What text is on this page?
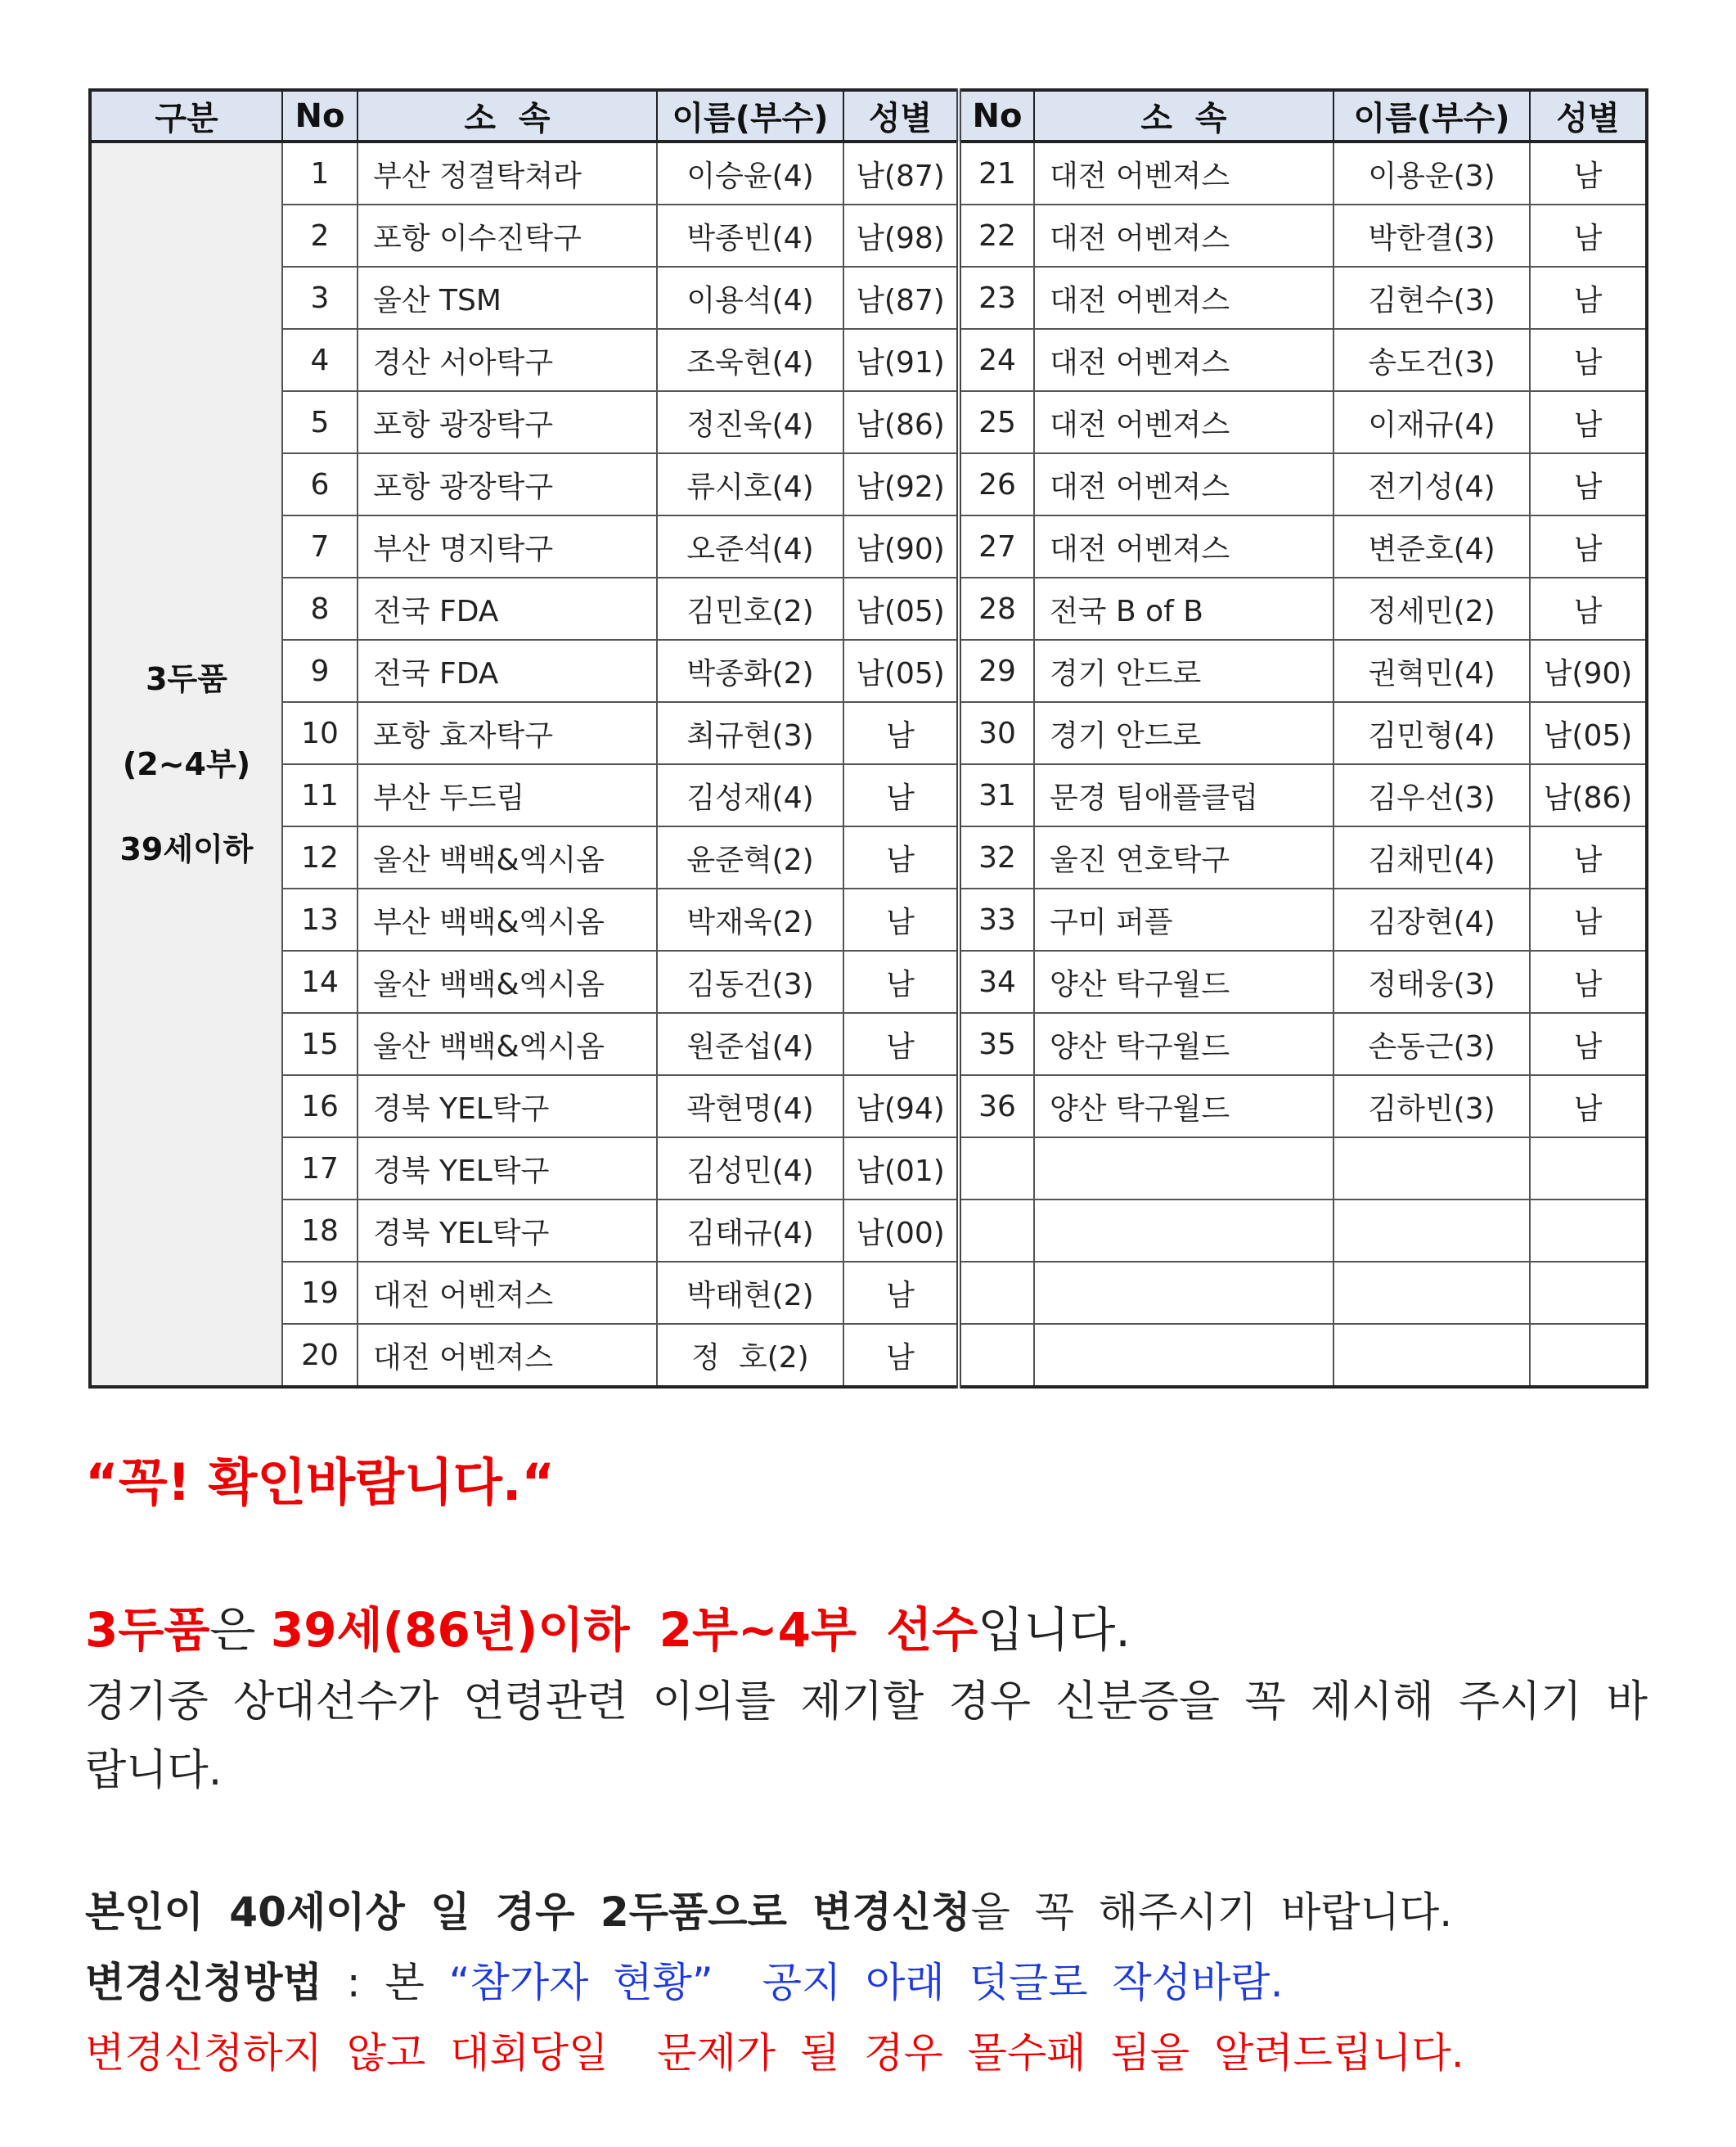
구분	No	소  속	이름(부수)	성별	No	소  속	이름(부수)	성별

3두품
(2~4부)
39세이하	1	부산 정결탁쳐라	이승윤(4)	남(87)	21	대전 어벤져스	이용운(3)	남
	2	포항 이수진탁구	박종빈(4)	남(98)	22	대전 어벤져스	박한결(3)	남
	3	울산 TSM	이용석(4)	남(87)	23	대전 어벤져스	김현수(3)	남
	4	경산 서아탁구	조욱현(4)	남(91)	24	대전 어벤져스	송도건(3)	남
	5	포항 광장탁구	정진욱(4)	남(86)	25	대전 어벤져스	이재규(4)	남
	6	포항 광장탁구	류시호(4)	남(92)	26	대전 어벤져스	전기성(4)	남
	7	부산 명지탁구	오준석(4)	남(90)	27	대전 어벤져스	변준호(4)	남
	8	전국 FDA	김민호(2)	남(05)	28	전국 B of B	정세민(2)	남
	9	전국 FDA	박종화(2)	남(05)	29	경기 안드로	권혁민(4)	남(90)
	10	포항 효자탁구	최규현(3)	남	30	경기 안드로	김민형(4)	남(05)
	11	부산 두드림	김성재(4)	남	31	문경 팀애플클럽	김우선(3)	남(86)
	12	울산 백백&엑시옴	윤준혁(2)	남	32	울진 연호탁구	김채민(4)	남
	13	부산 백백&엑시옴	박재욱(2)	남	33	구미 퍼플	김장현(4)	남
	14	울산 백백&엑시옴	김동건(3)	남	34	양산 탁구월드	정태웅(3)	남
	15	울산 백백&엑시옴	원준섭(4)	남	35	양산 탁구월드	손동근(3)	남
	16	경북 YEL탁구	곽현명(4)	남(94)	36	양산 탁구월드	김하빈(3)	남
	17	경북 YEL탁구	김성민(4)	남(01)				
	18	경북 YEL탁구	김태규(4)	남(00)				
	19	대전 어벤져스	박태현(2)	남				
	20	대전 어벤져스	정  호(2)	남				
“꼭! 확인바람니다.“
3두품은 39세(86년)이하 2부~4부 선수입니다.
경기중 상대선수가 연령관련 이의를 제기할 경우 신분증을 꼭 제시해 주시기 바랍니다.
본인이 40세이상 일 경우 2두품으로 변경신청을 꼭 해주시기 바랍니다.
변경신청방법 : 본 “참가자 현황”  공지 아래 덧글로 작성바람.
변경신청하지 않고 대회당일  문제가 될 경우 몰수패 됨을 알려드립니다.
